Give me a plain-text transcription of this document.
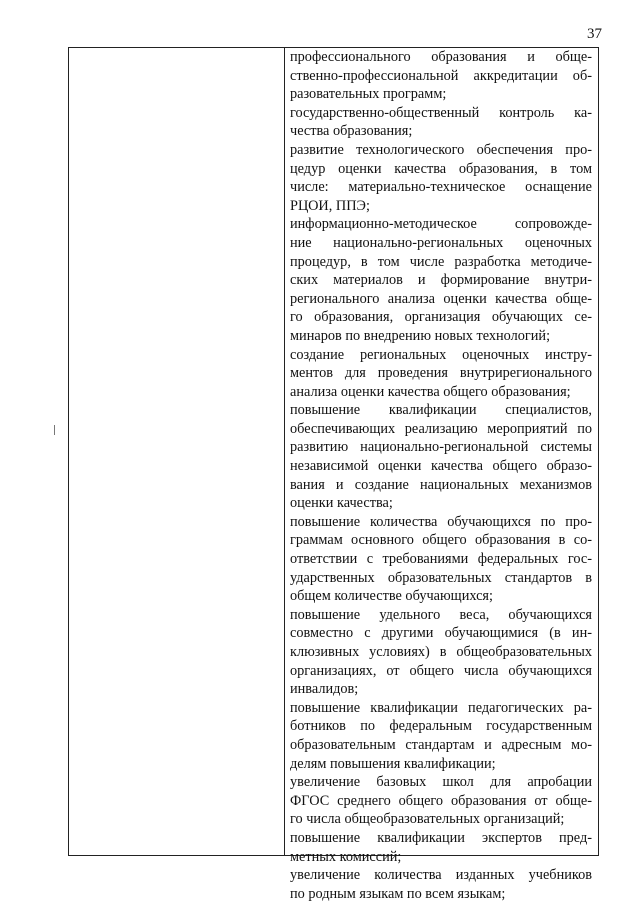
37
профессионального образования и обще-
ственно-профессиональной аккредитации об-
разовательных программ;
государственно-общественный контроль ка-
чества образования;
развитие технологического обеспечения про-
цедур оценки качества образования, в том
числе: материально-техническое оснащение
РЦОИ, ППЭ;
информационно-методическое сопровожде-
ние национально-региональных оценочных
процедур, в том числе разработка методиче-
ских материалов и формирование внутри-
регионального анализа оценки качества обще-
го образования, организация обучающих се-
минаров по внедрению новых технологий;
создание региональных оценочных инстру-
ментов для проведения внутрирегионального
анализа оценки качества общего образования;
повышение квалификации специалистов,
обеспечивающих реализацию мероприятий по
развитию национально-региональной системы
независимой оценки качества общего образо-
вания и создание национальных механизмов
оценки качества;
повышение количества обучающихся по про-
граммам основного общего образования в со-
ответствии с требованиями федеральных гос-
ударственных образовательных стандартов в
общем количестве обучающихся;
повышение удельного веса, обучающихся
совместно с другими обучающимися (в ин-
клюзивных условиях) в общеобразовательных
организациях, от общего числа обучающихся
инвалидов;
повышение квалификации педагогических ра-
ботников по федеральным государственным
образовательным стандартам и адресным мо-
делям повышения квалификации;
увеличение базовых школ для апробации
ФГОС среднего общего образования от обще-
го числа общеобразовательных организаций;
повышение квалификации экспертов пред-
метных комиссий;
увеличение количества изданных учебников
по родным языкам по всем языкам;
